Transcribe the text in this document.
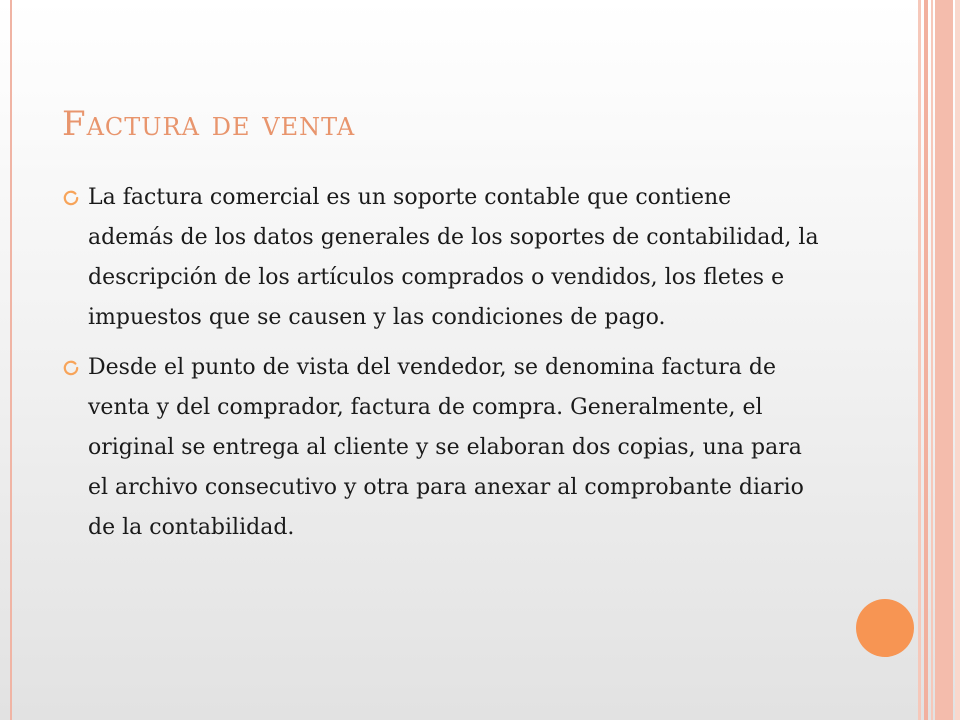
Factura de venta
La factura comercial es un soporte contable que contiene además de los datos generales de los soportes de contabilidad, la descripción de los artículos comprados o vendidos, los fletes e impuestos que se causen y las condiciones de pago.
Desde el punto de vista del vendedor, se denomina factura de venta y del comprador, factura de compra. Generalmente, el original se entrega al cliente y se elaboran dos copias, una para el archivo consecutivo y otra para anexar al comprobante diario de la contabilidad.
